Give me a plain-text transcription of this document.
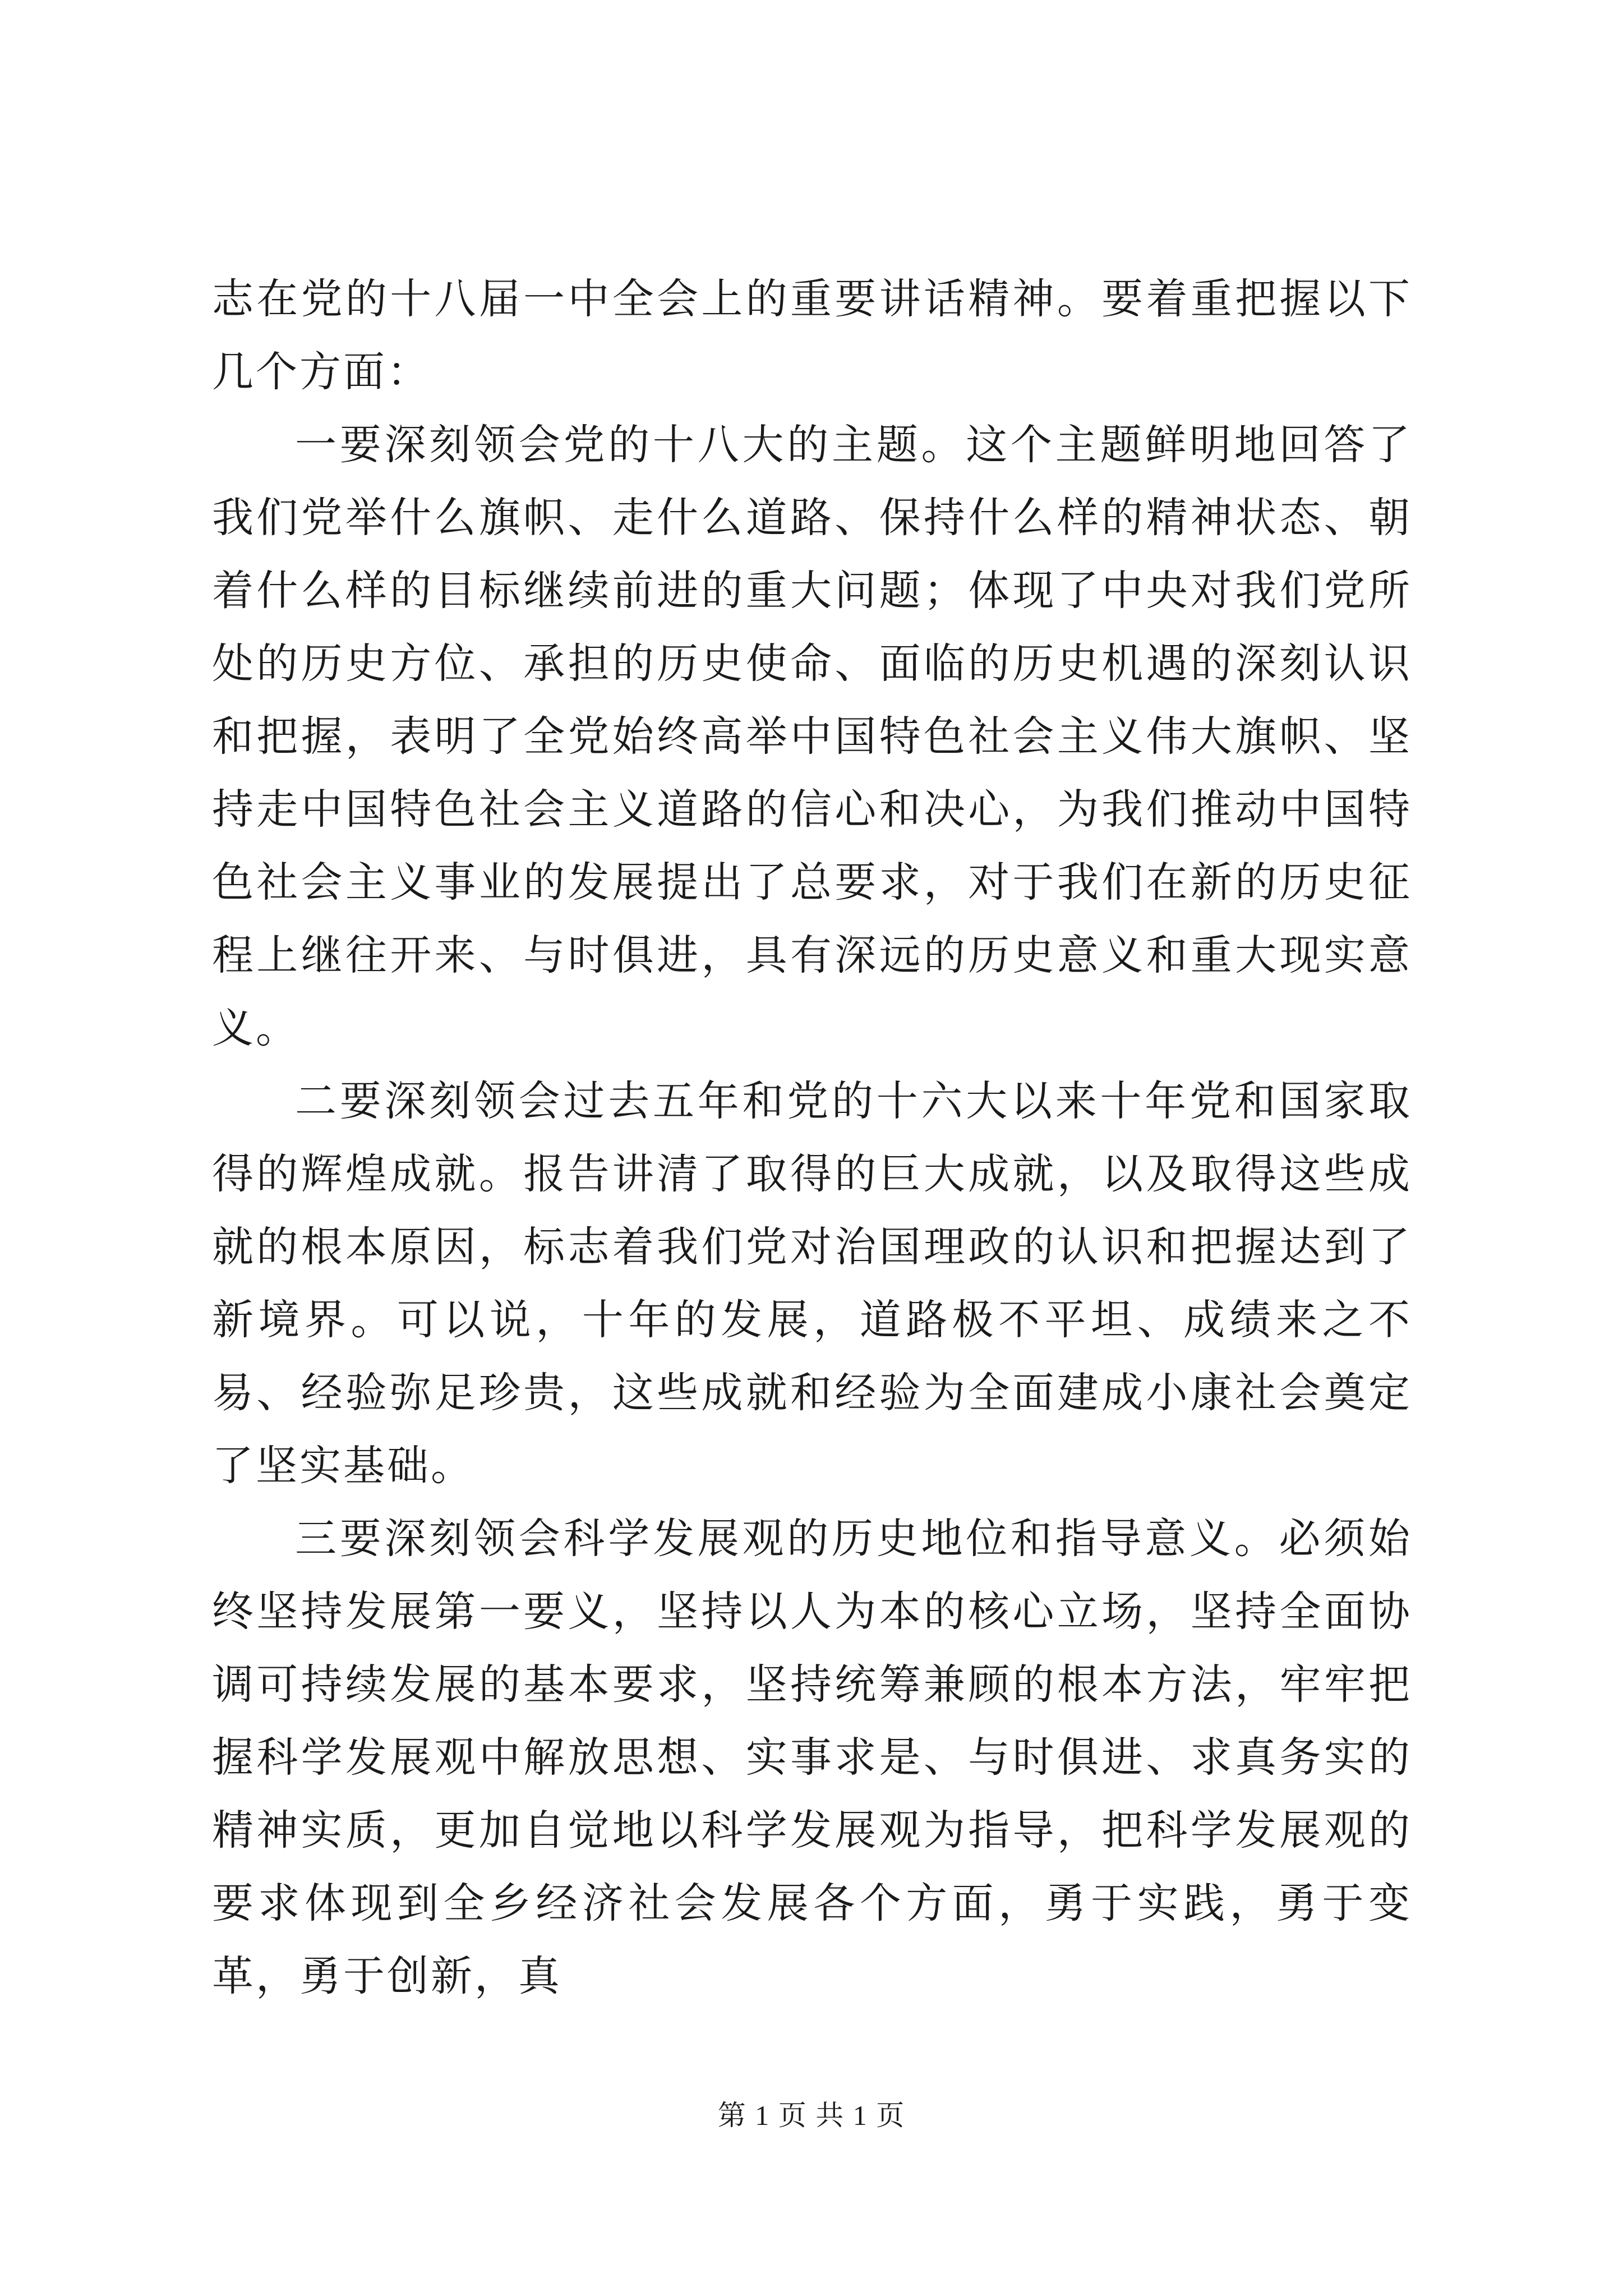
志在党的十八届一中全会上的重要讲话精神。要着重把握以下几个方面：

一要深刻领会党的十八大的主题。这个主题鲜明地回答了我们党举什么旗帜、走什么道路、保持什么样的精神状态、朝着什么样的目标继续前进的重大问题；体现了中央对我们党所处的历史方位、承担的历史使命、面临的历史机遇的深刻认识和把握，表明了全党始终高举中国特色社会主义伟大旗帜、坚持走中国特色社会主义道路的信心和决心，为我们推动中国特色社会主义事业的发展提出了总要求，对于我们在新的历史征程上继往开来、与时俱进，具有深远的历史意义和重大现实意义。

二要深刻领会过去五年和党的十六大以来十年党和国家取得的辉煌成就。报告讲清了取得的巨大成就，以及取得这些成就的根本原因，标志着我们党对治国理政的认识和把握达到了新境界。可以说，十年的发展，道路极不平坦、成绩来之不易、经验弥足珍贵，这些成就和经验为全面建成小康社会奠定了坚实基础。

三要深刻领会科学发展观的历史地位和指导意义。必须始终坚持发展第一要义，坚持以人为本的核心立场，坚持全面协调可持续发展的基本要求，坚持统筹兼顾的根本方法，牢牢把握科学发展观中解放思想、实事求是、与时俱进、求真务实的精神实质，更加自觉地以科学发展观为指导，把科学发展观的要求体现到全乡经济社会发展各个方面，勇于实践，勇于变革，勇于创新，真

第 1 页 共 1 页
